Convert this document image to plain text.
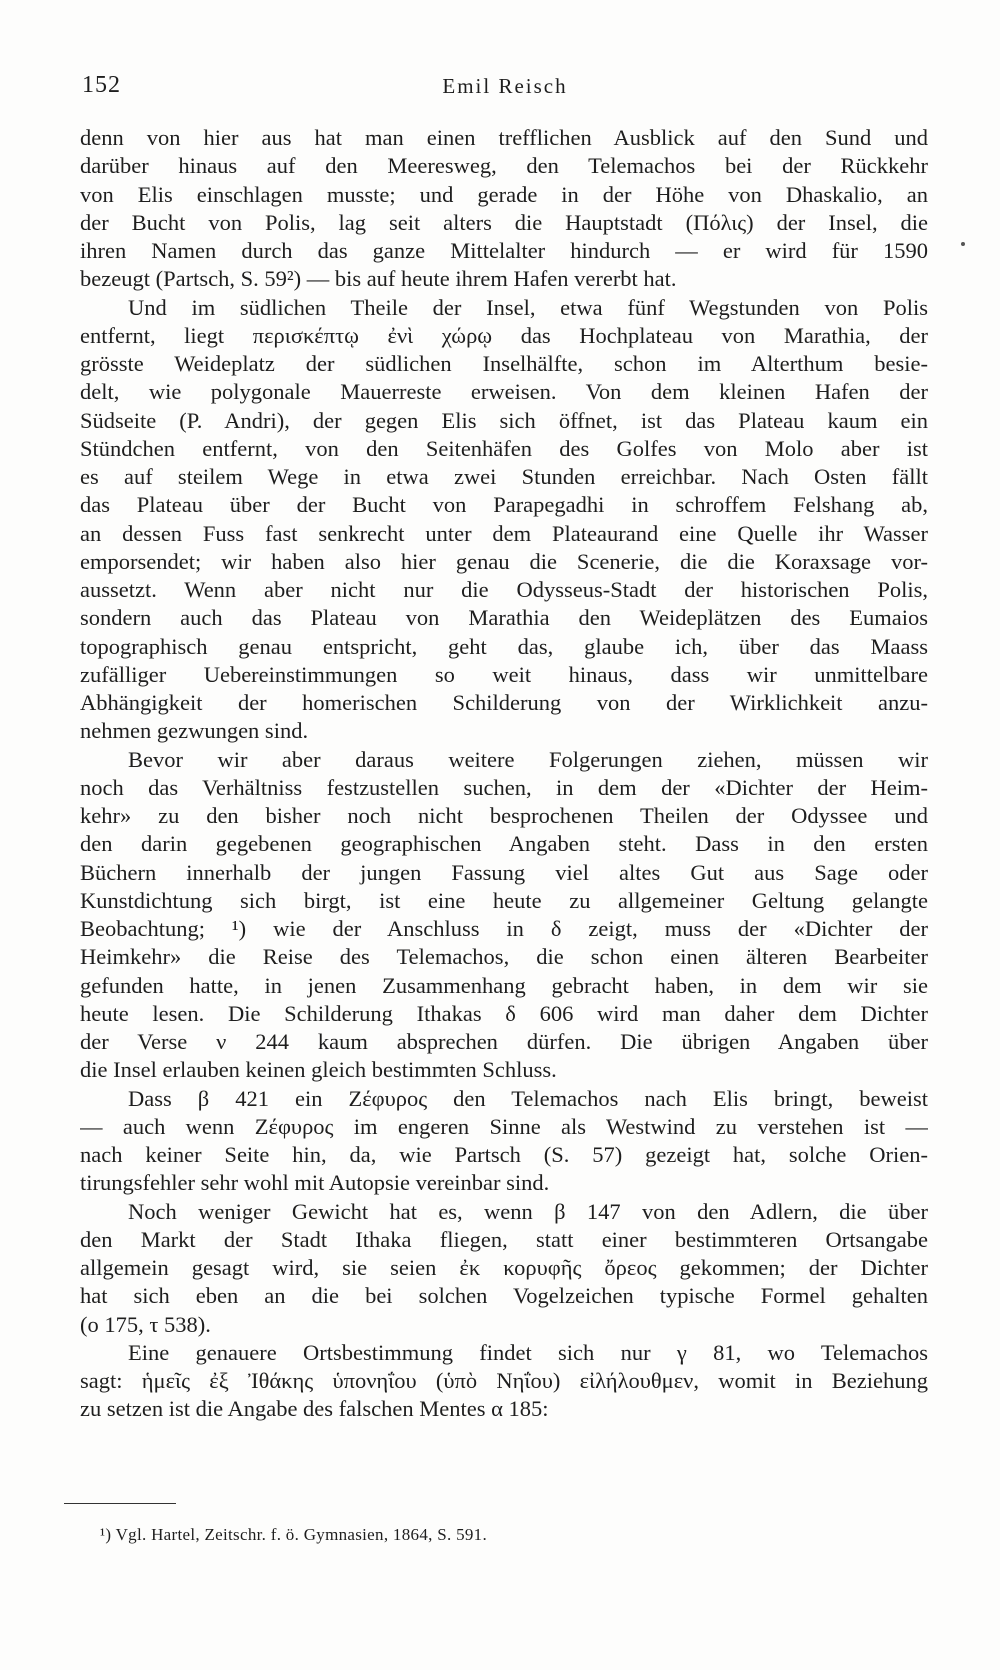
152	Emil Reisch
denn von hier aus hat man einen trefflichen Ausblick auf den Sund und
darüber hinaus auf den Meeresweg, den Telemachos bei der Rückkehr
von Elis einschlagen musste; und gerade in der Höhe von Dhaskalio, an
der Bucht von Polis, lag seit alters die Hauptstadt (Πόλις) der Insel, die
ihren Namen durch das ganze Mittelalter hindurch — er wird für 1590
bezeugt (Partsch, S. 59²) — bis auf heute ihrem Hafen vererbt hat.
Und im südlichen Theile der Insel, etwa fünf Wegstunden von Polis
entfernt, liegt περισκέπτῳ ἐνὶ χώρῳ das Hochplateau von Marathia, der
grösste Weideplatz der südlichen Inselhälfte, schon im Alterthum besie-
delt, wie polygonale Mauerreste erweisen. Von dem kleinen Hafen der
Südseite (P. Andri), der gegen Elis sich öffnet, ist das Plateau kaum ein
Stündchen entfernt, von den Seitenhäfen des Golfes von Molo aber ist
es auf steilem Wege in etwa zwei Stunden erreichbar. Nach Osten fällt
das Plateau über der Bucht von Parapegadhi in schroffem Felshang ab,
an dessen Fuss fast senkrecht unter dem Plateaurand eine Quelle ihr Wasser
emporsendet; wir haben also hier genau die Scenerie, die die Koraxsage vor-
aussetzt. Wenn aber nicht nur die Odysseus-Stadt der historischen Polis,
sondern auch das Plateau von Marathia den Weideplätzen des Eumaios
topographisch genau entspricht, geht das, glaube ich, über das Maass
zufälliger Uebereinstimmungen so weit hinaus, dass wir unmittelbare
Abhängigkeit der homerischen Schilderung von der Wirklichkeit anzu-
nehmen gezwungen sind.
Bevor wir aber daraus weitere Folgerungen ziehen, müssen wir
noch das Verhältniss festzustellen suchen, in dem der «Dichter der Heim-
kehr» zu den bisher noch nicht besprochenen Theilen der Odyssee und
den darin gegebenen geographischen Angaben steht. Dass in den ersten
Büchern innerhalb der jungen Fassung viel altes Gut aus Sage oder
Kunstdichtung sich birgt, ist eine heute zu allgemeiner Geltung gelangte
Beobachtung; ¹) wie der Anschluss in δ zeigt, muss der «Dichter der
Heimkehr» die Reise des Telemachos, die schon einen älteren Bearbeiter
gefunden hatte, in jenen Zusammenhang gebracht haben, in dem wir sie
heute lesen. Die Schilderung Ithakas δ 606 wird man daher dem Dichter
der Verse ν 244 kaum absprechen dürfen. Die übrigen Angaben über
die Insel erlauben keinen gleich bestimmten Schluss.
Dass β 421 ein Ζέφυρος den Telemachos nach Elis bringt, beweist
— auch wenn Ζέφυρος im engeren Sinne als Westwind zu verstehen ist —
nach keiner Seite hin, da, wie Partsch (S. 57) gezeigt hat, solche Orien-
tirungsfehler sehr wohl mit Autopsie vereinbar sind.
Noch weniger Gewicht hat es, wenn β 147 von den Adlern, die über
den Markt der Stadt Ithaka fliegen, statt einer bestimmteren Ortsangabe
allgemein gesagt wird, sie seien ἐκ κορυφῆς ὄρεος gekommen; der Dichter
hat sich eben an die bei solchen Vogelzeichen typische Formel gehalten
(ο 175, τ 538).
Eine genauere Ortsbestimmung findet sich nur γ 81, wo Telemachos
sagt: ἡμεῖς ἐξ Ἰθάκης ὑπονηΐου (ὑπὸ Νηΐου) εἰλήλουθμεν, womit in Beziehung
zu setzen ist die Angabe des falschen Mentes α 185:
¹) Vgl. Hartel, Zeitschr. f. ö. Gymnasien, 1864, S. 591.
